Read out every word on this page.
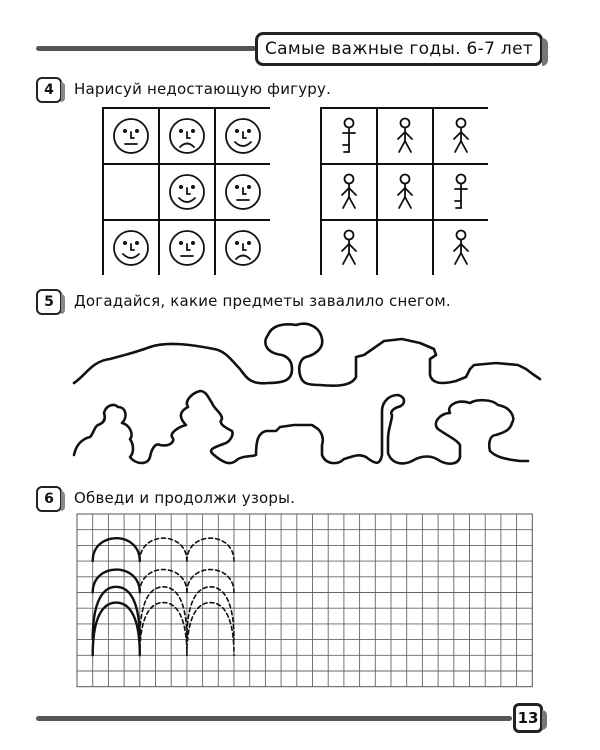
Самые важные годы. 6-7 лет
4	Нарисуй недостающую фигуру.
5	Догадайся, какие предметы завалило снегом.
6	Обведи и продолжи узоры.
13
